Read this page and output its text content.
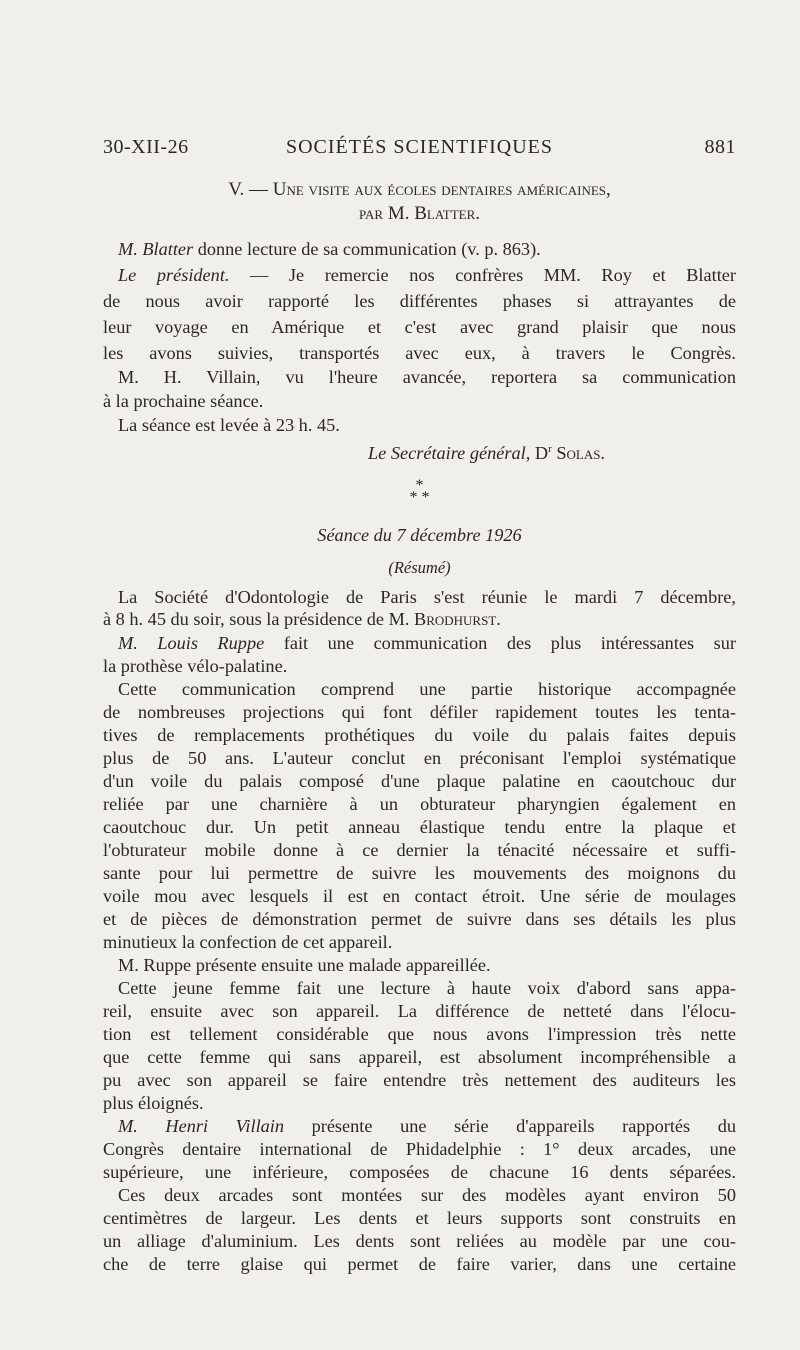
30-XII-26	SOCIÉTÉS SCIENTIFIQUES	881
V. — Une visite aux écoles dentaires américaines,
par M. Blatter.
M. Blatter donne lecture de sa communication (v. p. 863).
Le président. — Je remercie nos confrères MM. Roy et Blatter
de nous avoir rapporté les différentes phases si attrayantes de
leur voyage en Amérique et c'est avec grand plaisir que nous
les avons suivies, transportés avec eux, à travers le Congrès.
M. H. Villain, vu l'heure avancée, reportera sa communication
à la prochaine séance.
La séance est levée à 23 h. 45.
Le Secrétaire général, $D^r$ Solas.
*
* *
Séance du 7 décembre 1926
(Résumé)
La Société d'Odontologie de Paris s'est réunie le mardi 7 décembre,
à 8 h. 45 du soir, sous la présidence de M. Brodhurst.
M. Louis Ruppe fait une communication des plus intéressantes sur
la prothèse vélo-palatine.
Cette communication comprend une partie historique accompagnée
de nombreuses projections qui font défiler rapidement toutes les tenta-
tives de remplacements prothétiques du voile du palais faites depuis
plus de 50 ans. L'auteur conclut en préconisant l'emploi systématique
d'un voile du palais composé d'une plaque palatine en caoutchouc dur
reliée par une charnière à un obturateur pharyngien également en
caoutchouc dur. Un petit anneau élastique tendu entre la plaque et
l'obturateur mobile donne à ce dernier la ténacité nécessaire et suffi-
sante pour lui permettre de suivre les mouvements des moignons du
voile mou avec lesquels il est en contact étroit. Une série de moulages
et de pièces de démonstration permet de suivre dans ses détails les plus
minutieux la confection de cet appareil.
M. Ruppe présente ensuite une malade appareillée.
Cette jeune femme fait une lecture à haute voix d'abord sans appa-
reil, ensuite avec son appareil. La différence de netteté dans l'élocu-
tion est tellement considérable que nous avons l'impression très nette
que cette femme qui sans appareil, est absolument incompréhensible a
pu avec son appareil se faire entendre très nettement des auditeurs les
plus éloignés.
M. Henri Villain présente une série d'appareils rapportés du
Congrès dentaire international de Phidadelphie : 1° deux arcades, une
supérieure, une inférieure, composées de chacune 16 dents séparées.
Ces deux arcades sont montées sur des modèles ayant environ 50
centimètres de largeur. Les dents et leurs supports sont construits en
un alliage d'aluminium. Les dents sont reliées au modèle par une cou-
che de terre glaise qui permet de faire varier, dans une certaine
